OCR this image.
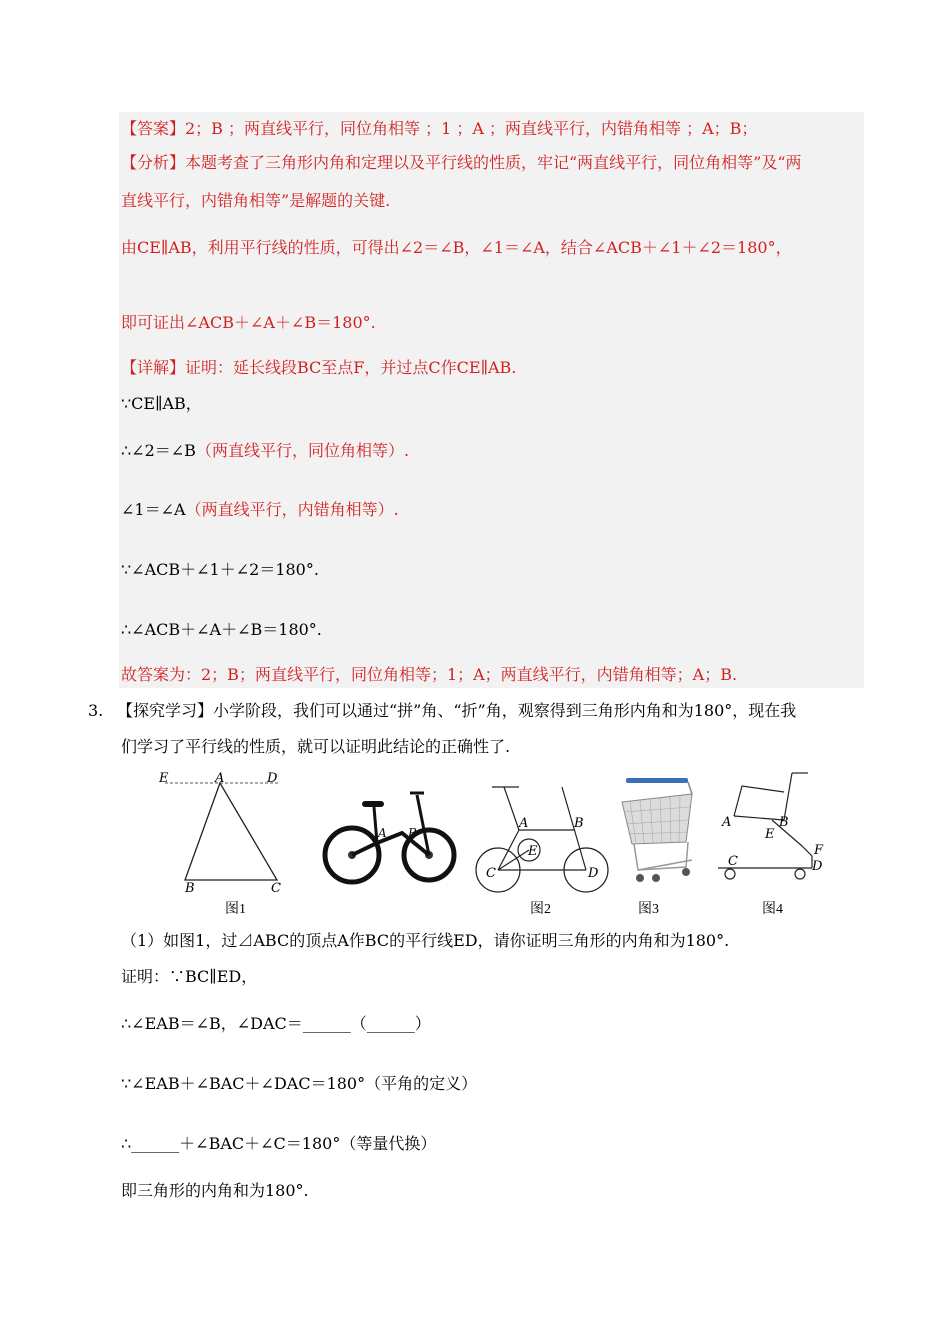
【答案】2；B ；两直线平行，同位角相等 ；1 ；A ；两直线平行，内错角相等 ；A；B；
【分析】本题考查了三角形内角和定理以及平行线的性质，牢记“两直线平行，同位角相等”及“两
直线平行，内错角相等”是解题的关键.
由CE∥AB，利用平行线的性质，可得出∠2＝∠B，∠1＝∠A，结合∠ACB＋∠1＋∠2＝180°，
即可证出∠ACB＋∠A＋∠B＝180°.
【详解】证明：延长线段BC至点F，并过点C作CE∥AB.
∵CE∥AB，
∴∠2＝∠B（两直线平行，同位角相等）.
∠1＝∠A（两直线平行，内错角相等）.
∵∠ACB＋∠1＋∠2＝180°.
∴∠ACB＋∠A＋∠B＝180°.
故答案为：2；B；两直线平行，同位角相等；1；A；两直线平行，内错角相等；A；B.
3. 【探究学习】小学阶段，我们可以通过“拼”角、“折”角，观察得到三角形内角和为180°，现在我
们学习了平行线的性质，就可以证明此结论的正确性了.
E	A	D
B	C
图1
A B
A	B
E
C	D
图2	图3
A	B
E
C
F
D
图4
（1）如图1，过⊿ABC的顶点A作BC的平行线ED，请你证明三角形的内角和为180°.
证明：∵BC∥ED，
∴∠EAB＝∠B，∠DAC＝______（______）
∵∠EAB＋∠BAC＋∠DAC＝180°（平角的定义）
∴______＋∠BAC＋∠C＝180°（等量代换）
即三角形的内角和为180°.
